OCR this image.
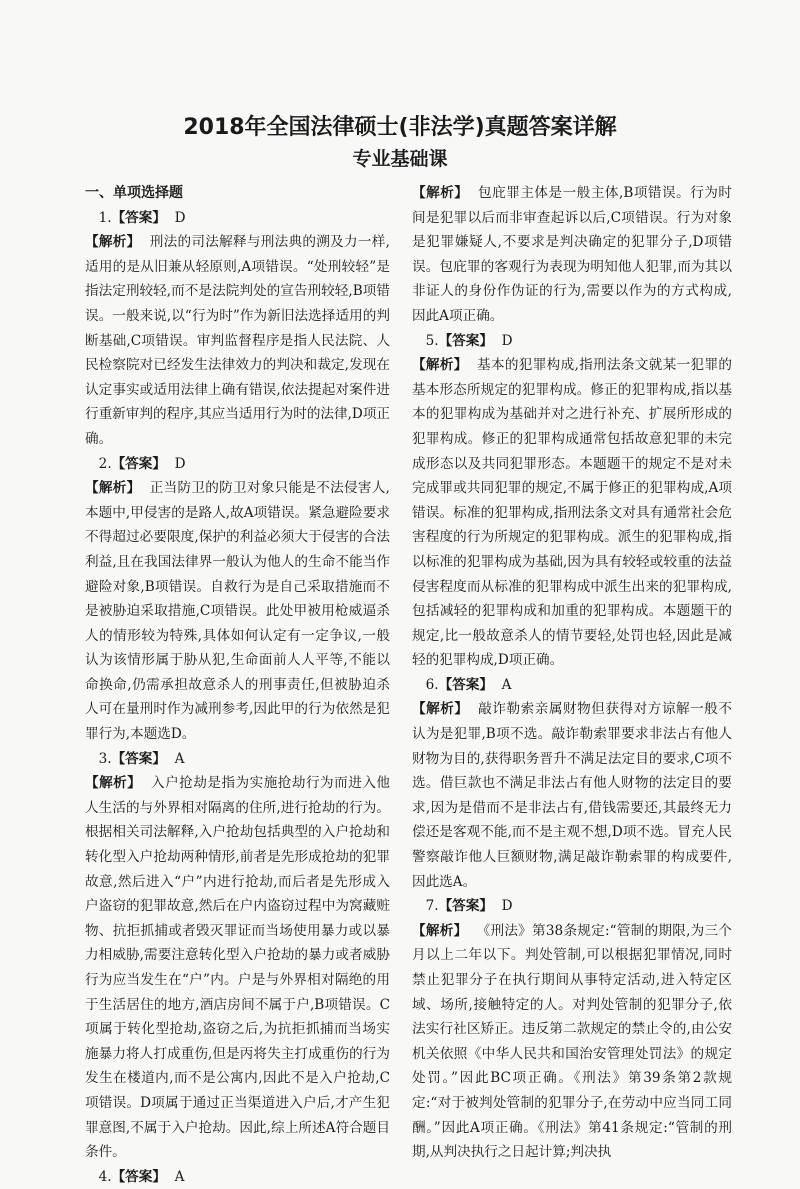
2018年全国法律硕士(非法学)真题答案详解
专业基础课

一、单项选择题

1.【答案】 D

【解析】 刑法的司法解释与刑法典的溯及力一样,适用的是从旧兼从轻原则,A项错误。“处刑较轻”是指法定刑较轻,而不是法院判处的宣告刑较轻,B项错误。一般来说,以“行为时”作为新旧法选择适用的判断基础,C项错误。审判监督程序是指人民法院、人民检察院对已经发生法律效力的判决和裁定,发现在认定事实或适用法律上确有错误,依法提起对案件进行重新审判的程序,其应当适用行为时的法律,D项正确。

2.【答案】 D

【解析】 正当防卫的防卫对象只能是不法侵害人,本题中,甲侵害的是路人,故A项错误。紧急避险要求不得超过必要限度,保护的利益必须大于侵害的合法利益,且在我国法律界一般认为他人的生命不能当作避险对象,B项错误。自救行为是自己采取措施而不是被胁迫采取措施,C项错误。此处甲被用枪威逼杀人的情形较为特殊,具体如何认定有一定争议,一般认为该情形属于胁从犯,生命面前人人平等,不能以命换命,仍需承担故意杀人的刑事责任,但被胁迫杀人可在量刑时作为减刑参考,因此甲的行为依然是犯罪行为,本题选D。

3.【答案】 A

【解析】 入户抢劫是指为实施抢劫行为而进入他人生活的与外界相对隔离的住所,进行抢劫的行为。根据相关司法解释,入户抢劫包括典型的入户抢劫和转化型入户抢劫两种情形,前者是先形成抢劫的犯罪故意,然后进入“户”内进行抢劫,而后者是先形成入户盗窃的犯罪故意,然后在户内盗窃过程中为窝藏赃物、抗拒抓捕或者毁灭罪证而当场使用暴力或以暴力相威胁,需要注意转化型入户抢劫的暴力或者威胁行为应当发生在“户”内。户是与外界相对隔绝的用于生活居住的地方,酒店房间不属于户,B项错误。C项属于转化型抢劫,盗窃之后,为抗拒抓捕而当场实施暴力将人打成重伤,但是丙将失主打成重伤的行为发生在楼道内,而不是公寓内,因此不是入户抢劫,C项错误。D项属于通过正当渠道进入户后,才产生犯罪意图,不属于入户抢劫。因此,综上所述A符合题目条件。

4.【答案】 A

【解析】 包庇罪主体是一般主体,B项错误。行为时间是犯罪以后而非审查起诉以后,C项错误。行为对象是犯罪嫌疑人,不要求是判决确定的犯罪分子,D项错误。包庇罪的客观行为表现为明知他人犯罪,而为其以非证人的身份作伪证的行为,需要以作为的方式构成,因此A项正确。

5.【答案】 D

【解析】 基本的犯罪构成,指刑法条文就某一犯罪的基本形态所规定的犯罪构成。修正的犯罪构成,指以基本的犯罪构成为基础并对之进行补充、扩展所形成的犯罪构成。修正的犯罪构成通常包括故意犯罪的未完成形态以及共同犯罪形态。本题题干的规定不是对未完成罪或共同犯罪的规定,不属于修正的犯罪构成,A项错误。标准的犯罪构成,指刑法条文对具有通常社会危害程度的行为所规定的犯罪构成。派生的犯罪构成,指以标准的犯罪构成为基础,因为具有较轻或较重的法益侵害程度而从标准的犯罪构成中派生出来的犯罪构成,包括减轻的犯罪构成和加重的犯罪构成。本题题干的规定,比一般故意杀人的情节要轻,处罚也轻,因此是减轻的犯罪构成,D项正确。

6.【答案】 A

【解析】 敲诈勒索亲属财物但获得对方谅解一般不认为是犯罪,B项不选。敲诈勒索罪要求非法占有他人财物为目的,获得职务晋升不满足法定目的要求,C项不选。借巨款也不满足非法占有他人财物的法定目的要求,因为是借而不是非法占有,借钱需要还,其最终无力偿还是客观不能,而不是主观不想,D项不选。冒充人民警察敲诈他人巨额财物,满足敲诈勒索罪的构成要件,因此选A。

7.【答案】 D

【解析】 《刑法》第38条规定:“管制的期限,为三个月以上二年以下。判处管制,可以根据犯罪情况,同时禁止犯罪分子在执行期间从事特定活动,进入特定区域、场所,接触特定的人。对判处管制的犯罪分子,依法实行社区矫正。违反第二款规定的禁止令的,由公安机关依照《中华人民共和国治安管理处罚法》的规定处罚。”因此BC项正确。《刑法》第39条第2款规定:“对于被判处管制的犯罪分子,在劳动中应当同工同酬。”因此A项正确。《刑法》第41条规定:“管制的刑期,从判决执行之日起计算;判决执
